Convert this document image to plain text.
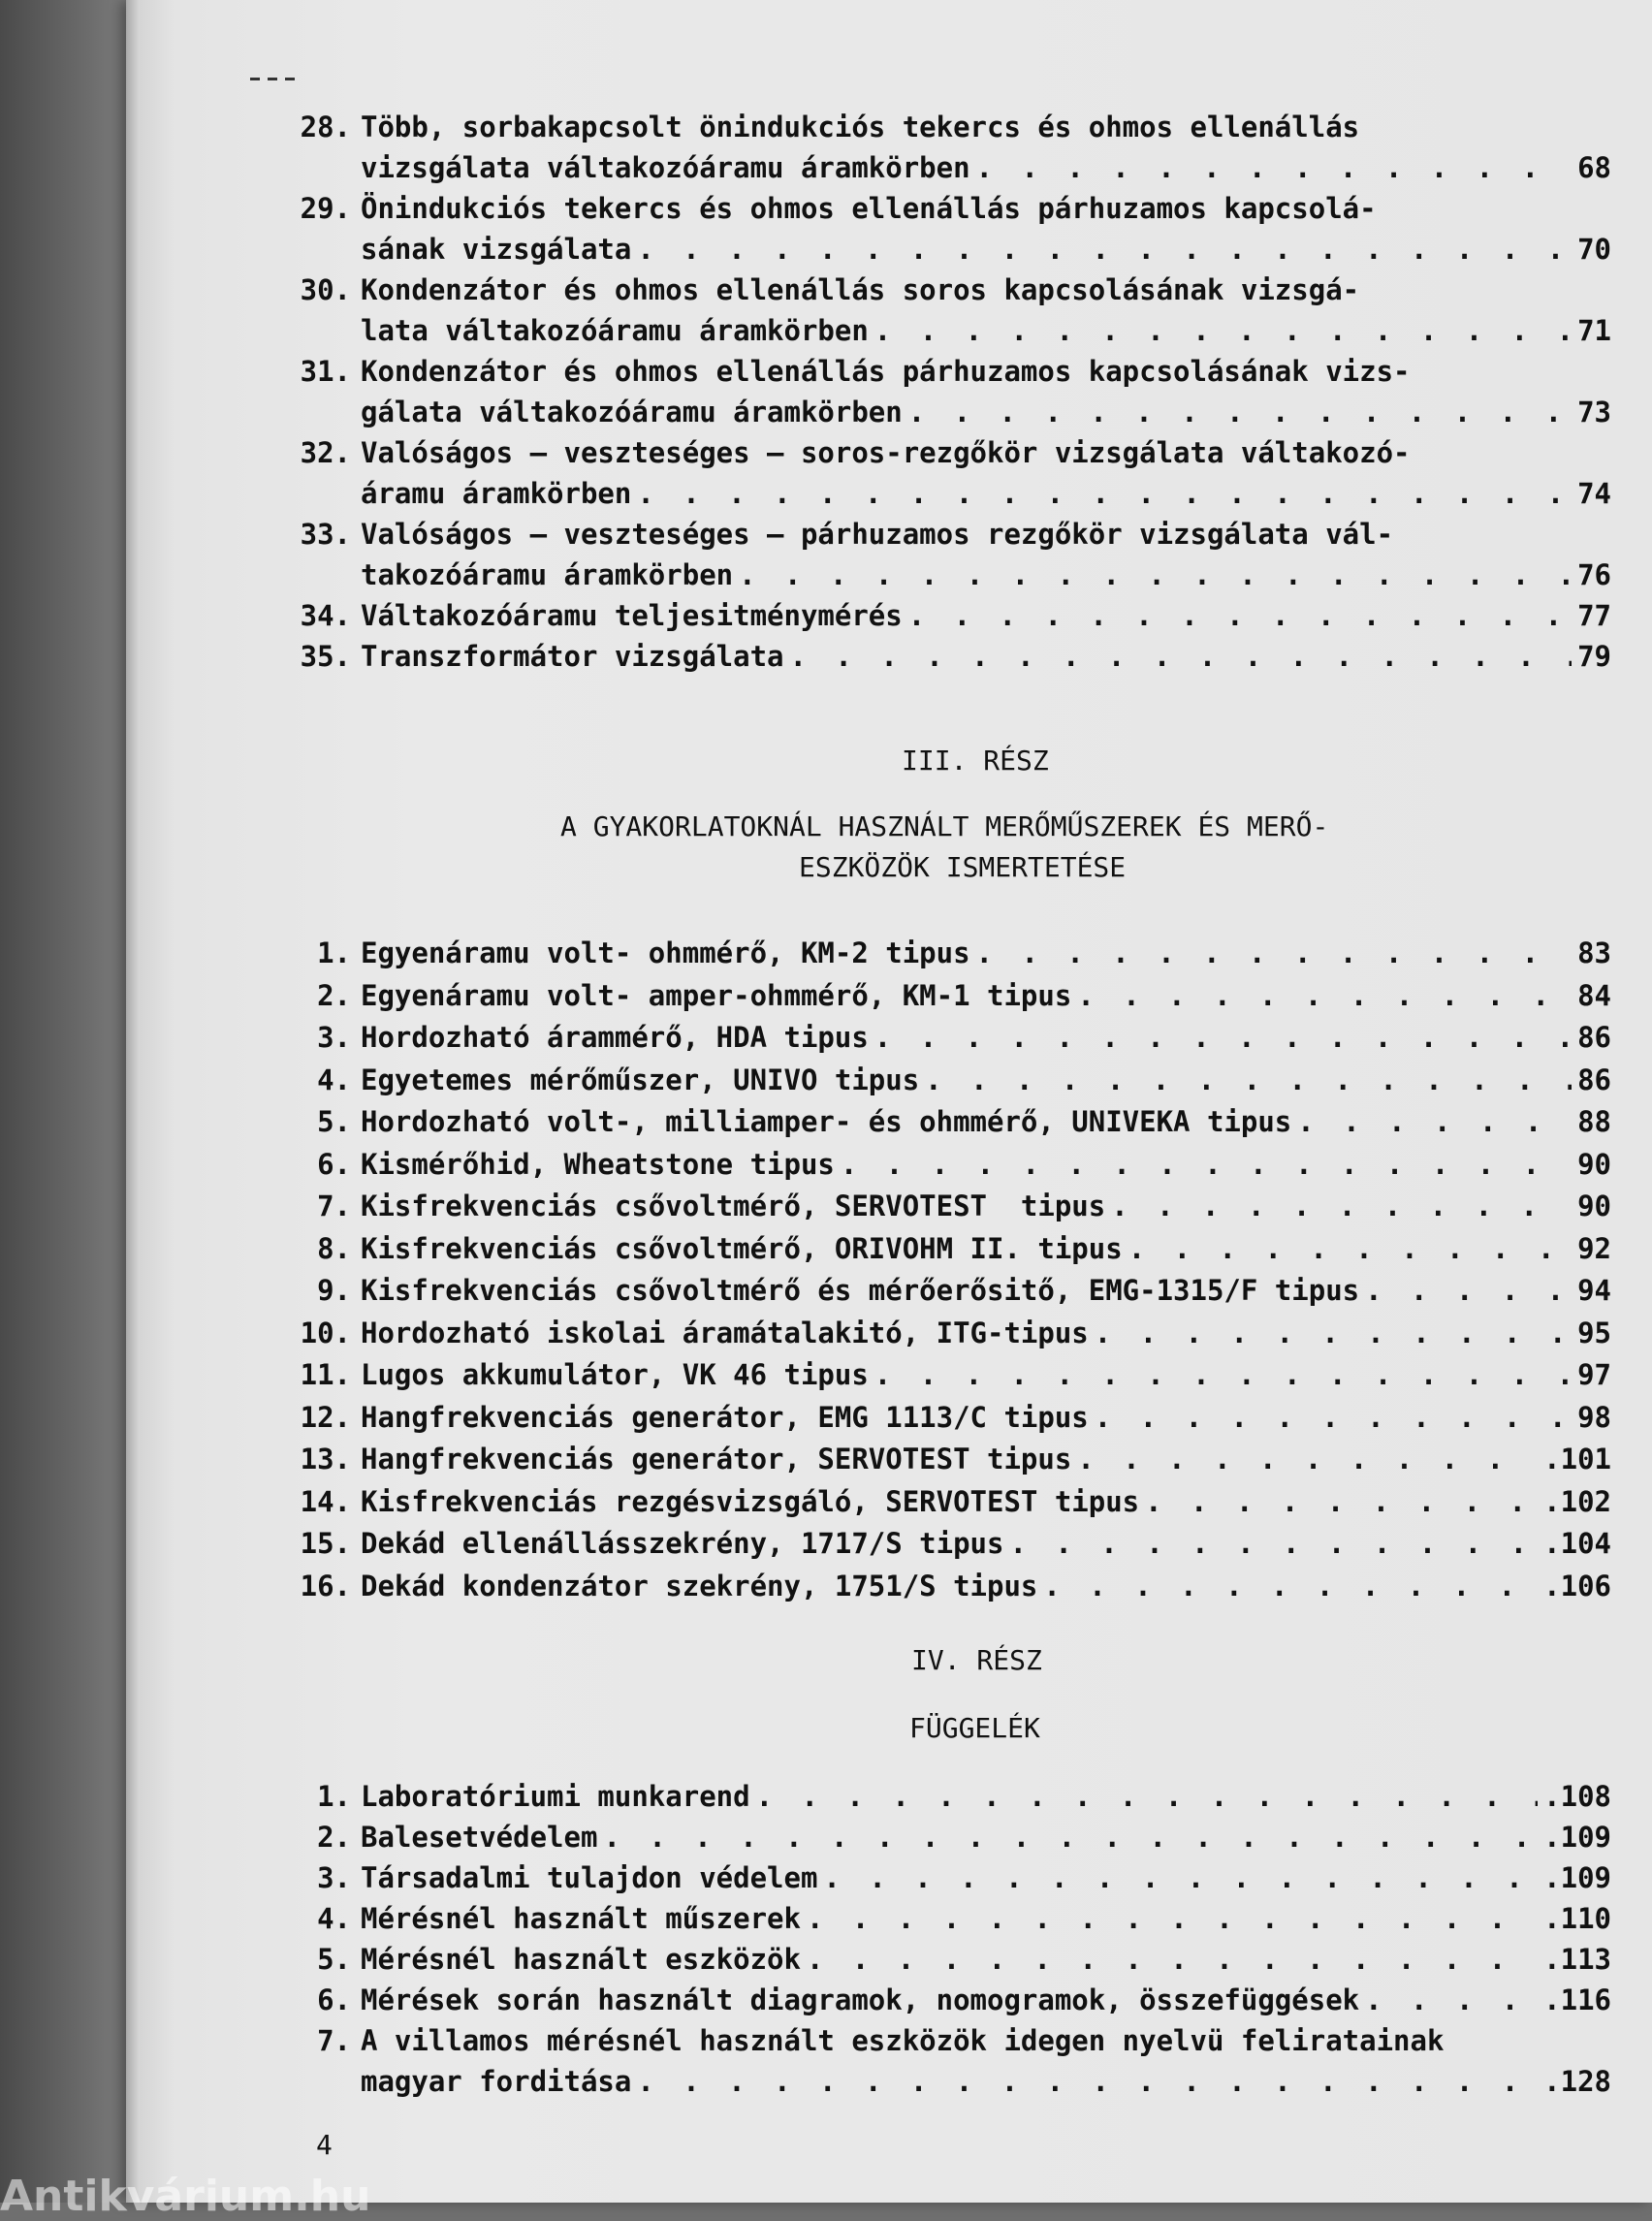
28. Több, sorbakapcsolt önindukciós tekercs és ohmos ellenállás
vizsgálata váltakozóáramu áramkörben . . .	68
29. Önindukciós tekercs és ohmos ellenállás párhuzamos kapcsolá-
sának vizsgálata . . .	70
30. Kondenzátor és ohmos ellenállás soros kapcsolásának vizsgá-
lata váltakozóáramu áramkörben . . .	71
31. Kondenzátor és ohmos ellenállás párhuzamos kapcsolásának vizs-
gálata váltakozóáramu áramkörben . . .	73
32. Valóságos – veszteséges – soros-rezgőkör vizsgálata váltakozó-
áramu áramkörben . . .	74
33. Valóságos – veszteséges – párhuzamos rezgőkör vizsgálata vál-
takozóáramu áramkörben . . .	76
34. Váltakozóáramu teljesitménymérés . . .	77
35. Transzformátor vizsgálata . . .	79
III. RÉSZ
A GYAKORLATOKNÁL HASZNÁLT MERŐMŰSZEREK ÉS MERŐ-
ESZKÖZÖK ISMERTETÉSE
1. Egyenáramu volt- ohmmérő, KM-2 tipus . . .	83
2. Egyenáramu volt- amper-ohmmérő, KM-1 tipus . . .	84
3. Hordozható árammérő, HDA tipus . . .	86
4. Egyetemes mérőműszer, UNIVO tipus . . .	86
5. Hordozható volt-, milliamper- és ohmmérő, UNIVEKA tipus . . .	88
6. Kismérőhid, Wheatstone tipus . . .	90
7. Kisfrekvenciás csővoltmérő, SERVOTEST  tipus . . .	90
8. Kisfrekvenciás csővoltmérő, ORIVOHM II. tipus . . .	92
9. Kisfrekvenciás csővoltmérő és mérőerősitő, EMG-1315/F tipus . . .	94
10. Hordozható iskolai áramátalakitó, ITG-tipus . . .	95
11. Lugos akkumulátor, VK 46 tipus . . .	97
12. Hangfrekvenciás generátor, EMG 1113/C tipus . . .	98
13. Hangfrekvenciás generátor, SERVOTEST tipus . . .	.101
14. Kisfrekvenciás rezgésvizsgáló, SERVOTEST tipus . . .	.102
15. Dekád ellenállásszekrény, 1717/S tipus . . .	.104
16. Dekád kondenzátor szekrény, 1751/S tipus . . .	.106
IV. RÉSZ
FÜGGELÉK
1. Laboratóriumi munkarend . . .	.108
2. Balesetvédelem . . .	.109
3. Társadalmi tulajdon védelem . . .	.109
4. Mérésnél használt műszerek . . .	.110
5. Mérésnél használt eszközök . . .	.113
6. Mérések során használt diagramok, nomogramok, összefüggések . . .	.116
7. A villamos mérésnél használt eszközök idegen nyelvü feliratainak
magyar forditása . . .	.128
4
Antikvárium.hu
